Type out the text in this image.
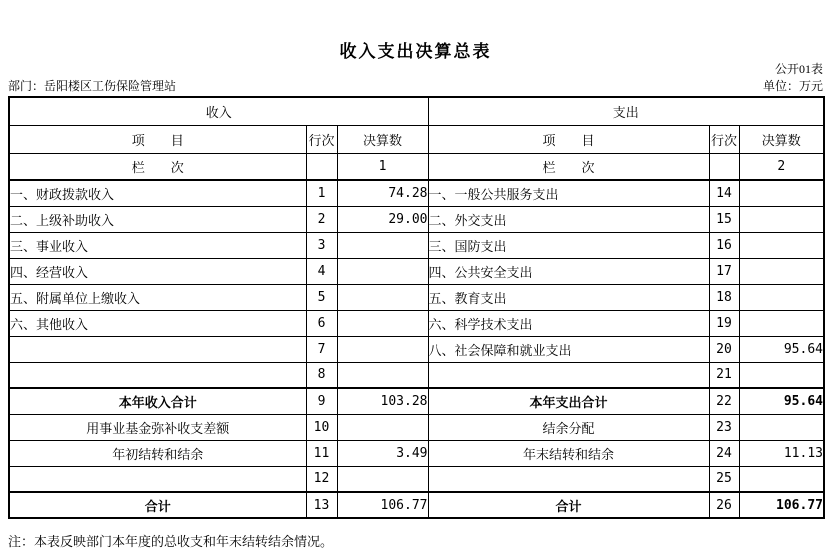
收入支出决算总表
公开01表
部门：岳阳楼区工伤保险管理站	单位：万元
收入			支出		
项　　目	行次	决算数	项　　目	行次	决算数
栏　　次		1	栏　　次		2
一、财政拨款收入	1	74.28	一、一般公共服务支出	14	
二、上级补助收入	2	29.00	二、外交支出	15	
三、事业收入	3		三、国防支出	16	
四、经营收入	4		四、公共安全支出	17	
五、附属单位上缴收入	5		五、教育支出	18	
六、其他收入	6		六、科学技术支出	19	
	7		八、社会保障和就业支出	20	95.64
	8			21	
本年收入合计	9	103.28	本年支出合计	22	95.64
用事业基金弥补收支差额	10		结余分配	23	
年初结转和结余	11	3.49	年末结转和结余	24	11.13
	12			25	
合计	13	106.77	合计	26	106.77
注：本表反映部门本年度的总收支和年末结转结余情况。
